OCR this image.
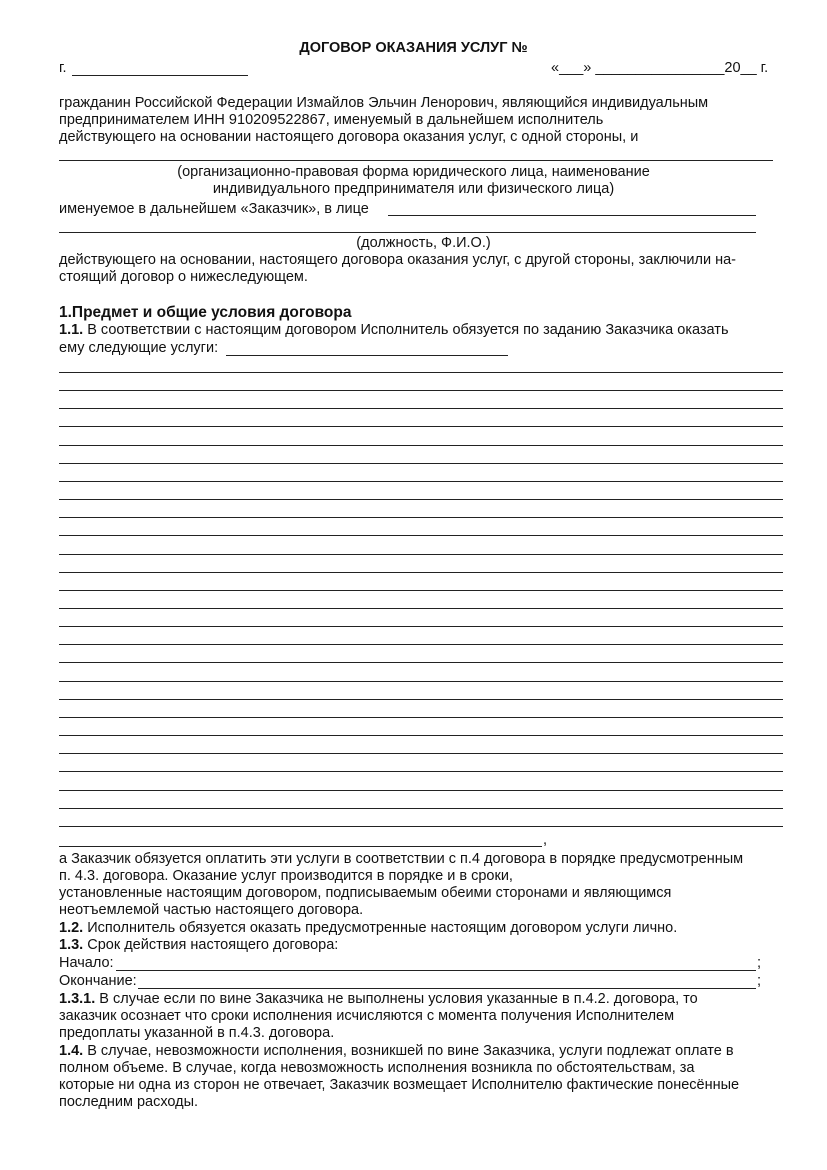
ДОГОВОР ОКАЗАНИЯ УСЛУГ №
г.	«___» ________________20__ г.
гражданин Российской Федерации Измайлов Эльчин Ленорович, являющийся индивидуальным
предпринимателем ИНН 910209522867, именуемый в дальнейшем исполнитель
действующего на основании настоящего договора оказания услуг, с одной стороны, и
(организационно-правовая форма юридического лица, наименование
индивидуального предпринимателя или физического лица)
именуемое в дальнейшем «Заказчик», в лице
(должность, Ф.И.О.)
действующего на основании, настоящего договора оказания услуг, с другой стороны, заключили на-
стоящий договор о нижеследующем.
1.Предмет и общие условия договора
1.1. В соответствии с настоящим договором Исполнитель обязуется по заданию Заказчика оказать
ему следующие услуги:
,
а Заказчик обязуется оплатить эти услуги в соответствии с п.4 договора в порядке предусмотренным
п. 4.3. договора. Оказание услуг производится в порядке и в сроки,
установленные настоящим договором, подписываемым обеими сторонами и являющимся
неотъемлемой частью настоящего договора.
1.2. Исполнитель обязуется оказать предусмотренные настоящим договором услуги лично.
1.3. Срок действия настоящего договора:
Начало:	;
Окончание:	;
1.3.1. В случае если по вине Заказчика не выполнены условия указанные в п.4.2. договора, то
заказчик осознает что сроки исполнения исчисляются с момента получения Исполнителем
предоплаты указанной в п.4.3. договора.
1.4. В случае, невозможности исполнения, возникшей по вине Заказчика, услуги подлежат оплате в
полном объеме. В случае, когда невозможность исполнения возникла по обстоятельствам, за
которые ни одна из сторон не отвечает, Заказчик возмещает Исполнителю фактические понесённые
последним расходы.
